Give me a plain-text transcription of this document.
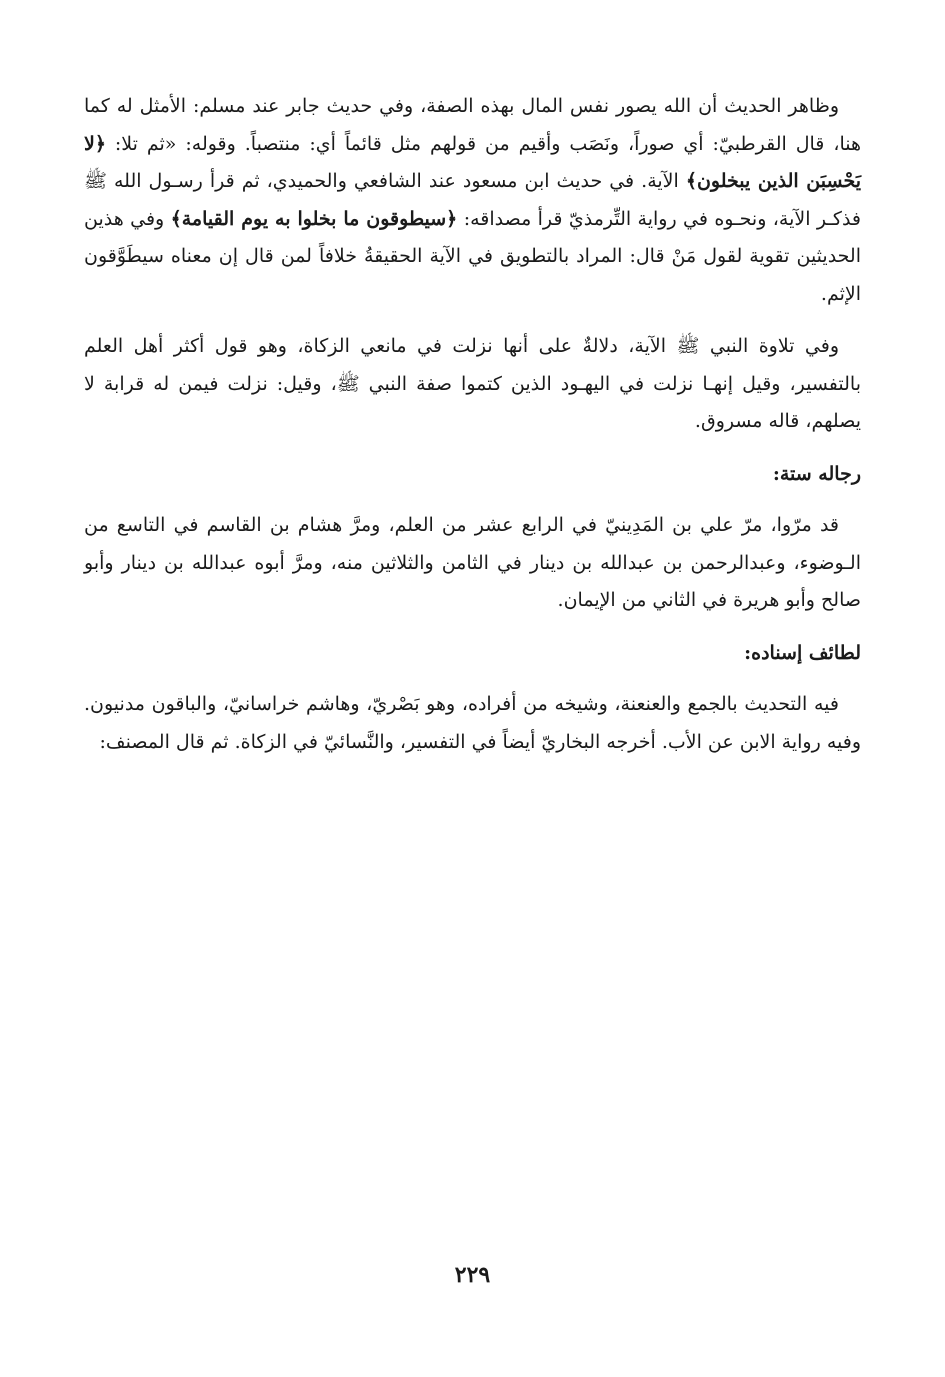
وظاهر الحديث أن الله يصور نفس المال بهذه الصفة، وفي حديث جابر عند مسلم: الأمثل له كما هنا، قال القرطبيّ: أي صوراً، ونَصَب وأقيم من قولهم مثل قائماً أي: منتصباً. وقوله: «ثم تلا: ﴿لا يَحْسِبَن الذين يبخلون﴾ الآية. في حديث ابن مسعود عند الشافعي والحميدي، ثم قرأ رسـول الله ﷺ فذكـر الآية، ونحـوه في رواية التِّرمذيّ قرأ مصداقه: ﴿سيطوقون ما بخلوا به يوم القيامة﴾ وفي هذين الحديثين تقوية لقول مَنْ قال: المراد بالتطويق في الآية الحقيقةُ خلافاً لمن قال إن معناه سيطَوَّقون الإثم.

وفي تلاوة النبي ﷺ الآية، دلالةٌ على أنها نزلت في مانعي الزكاة، وهو قول أكثر أهل العلم بالتفسير، وقيل إنهـا نزلت في اليهـود الذين كتموا صفة النبي ﷺ، وقيل: نزلت فيمن له قرابة لا يصلهم، قاله مسروق.

رجاله ستة:

قد مرّوا، مرّ علي بن المَدِينيّ في الرابع عشر من العلم، ومرَّ هشام بن القاسم في التاسع من الـوضوء، وعبدالرحمن بن عبدالله بن دينار في الثامن والثلاثين منه، ومرَّ أبوه عبدالله بن دينار وأبو صالح وأبو هريرة في الثاني من الإيمان.

لطائف إسناده:

فيه التحديث بالجمع والعنعنة، وشيخه من أفراده، وهو بَصْريّ، وهاشم خراسانيّ، والباقون مدنيون. وفيه رواية الابن عن الأب. أخرجه البخاريّ أيضاً في التفسير، والنَّسائيّ في الزكاة. ثم قال المصنف:

٢٢٩
